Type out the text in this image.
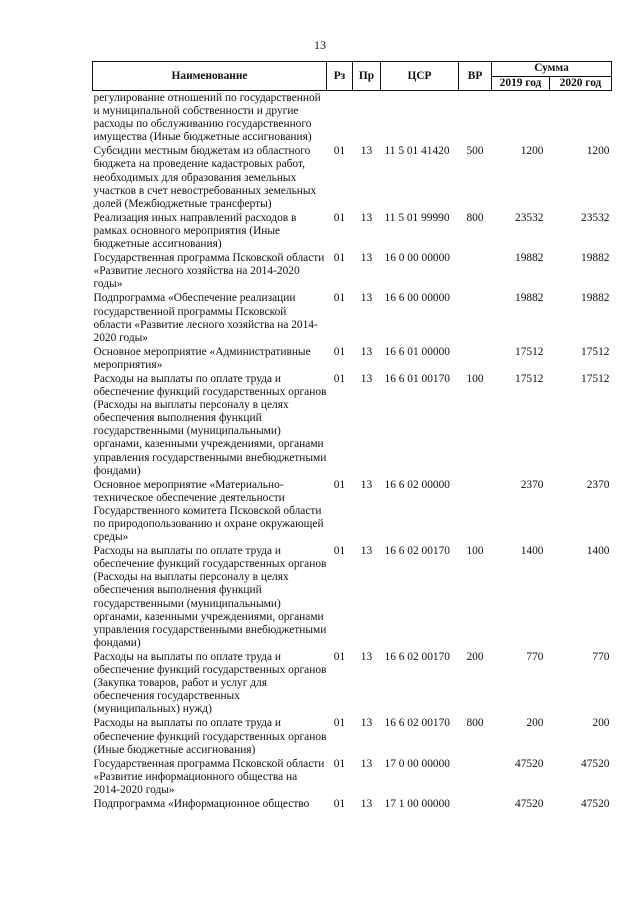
13
Наименование	Рз	Пр	ЦСР	ВР	Сумма	
					2019 год	2020 год
регулирование отношений по государственной и муниципальной собственности и другие расходы по обслуживанию государственного имущества (Иные бюджетные ассигнования)						
Субсидии местным бюджетам из областного бюджета на проведение кадастровых работ, необходимых для образования земельных участков в счет невостребованных земельных долей (Межбюджетные трансферты)	01	13	11 5 01 41420	500	1200	1200
Реализация иных направлений расходов в рамках основного мероприятия (Иные бюджетные ассигнования)	01	13	11 5 01 99990	800	23532	23532
Государственная программа Псковской области «Развитие лесного хозяйства на 2014-2020 годы»	01	13	16 0 00 00000		19882	19882
Подпрограмма «Обеспечение реализации государственной программы Псковской области «Развитие лесного хозяйства на 2014-2020 годы»	01	13	16 6 00 00000		19882	19882
Основное мероприятие «Административные мероприятия»	01	13	16 6 01 00000		17512	17512
Расходы на выплаты по оплате труда и обеспечение функций государственных органов (Расходы на выплаты персоналу в целях обеспечения выполнения функций государственными (муниципальными) органами, казенными учреждениями, органами управления государственными внебюджетными фондами)	01	13	16 6 01 00170	100	17512	17512
Основное мероприятие «Материально-техническое обеспечение деятельности Государственного комитета Псковской области по природопользованию и охране окружающей среды»	01	13	16 6 02 00000		2370	2370
Расходы на выплаты по оплате труда и обеспечение функций государственных органов (Расходы на выплаты персоналу в целях обеспечения выполнения функций государственными (муниципальными) органами, казенными учреждениями, органами управления государственными внебюджетными фондами)	01	13	16 6 02 00170	100	1400	1400
Расходы на выплаты по оплате труда и обеспечение функций государственных органов (Закупка товаров, работ и услуг для обеспечения государственных (муниципальных) нужд)	01	13	16 6 02 00170	200	770	770
Расходы на выплаты по оплате труда и обеспечение функций государственных органов (Иные бюджетные ассигнования)	01	13	16 6 02 00170	800	200	200
Государственная программа Псковской области «Развитие информационного общества на 2014-2020 годы»	01	13	17 0 00 00000		47520	47520
Подпрограмма «Информационное общество	01	13	17 1 00 00000		47520	47520
